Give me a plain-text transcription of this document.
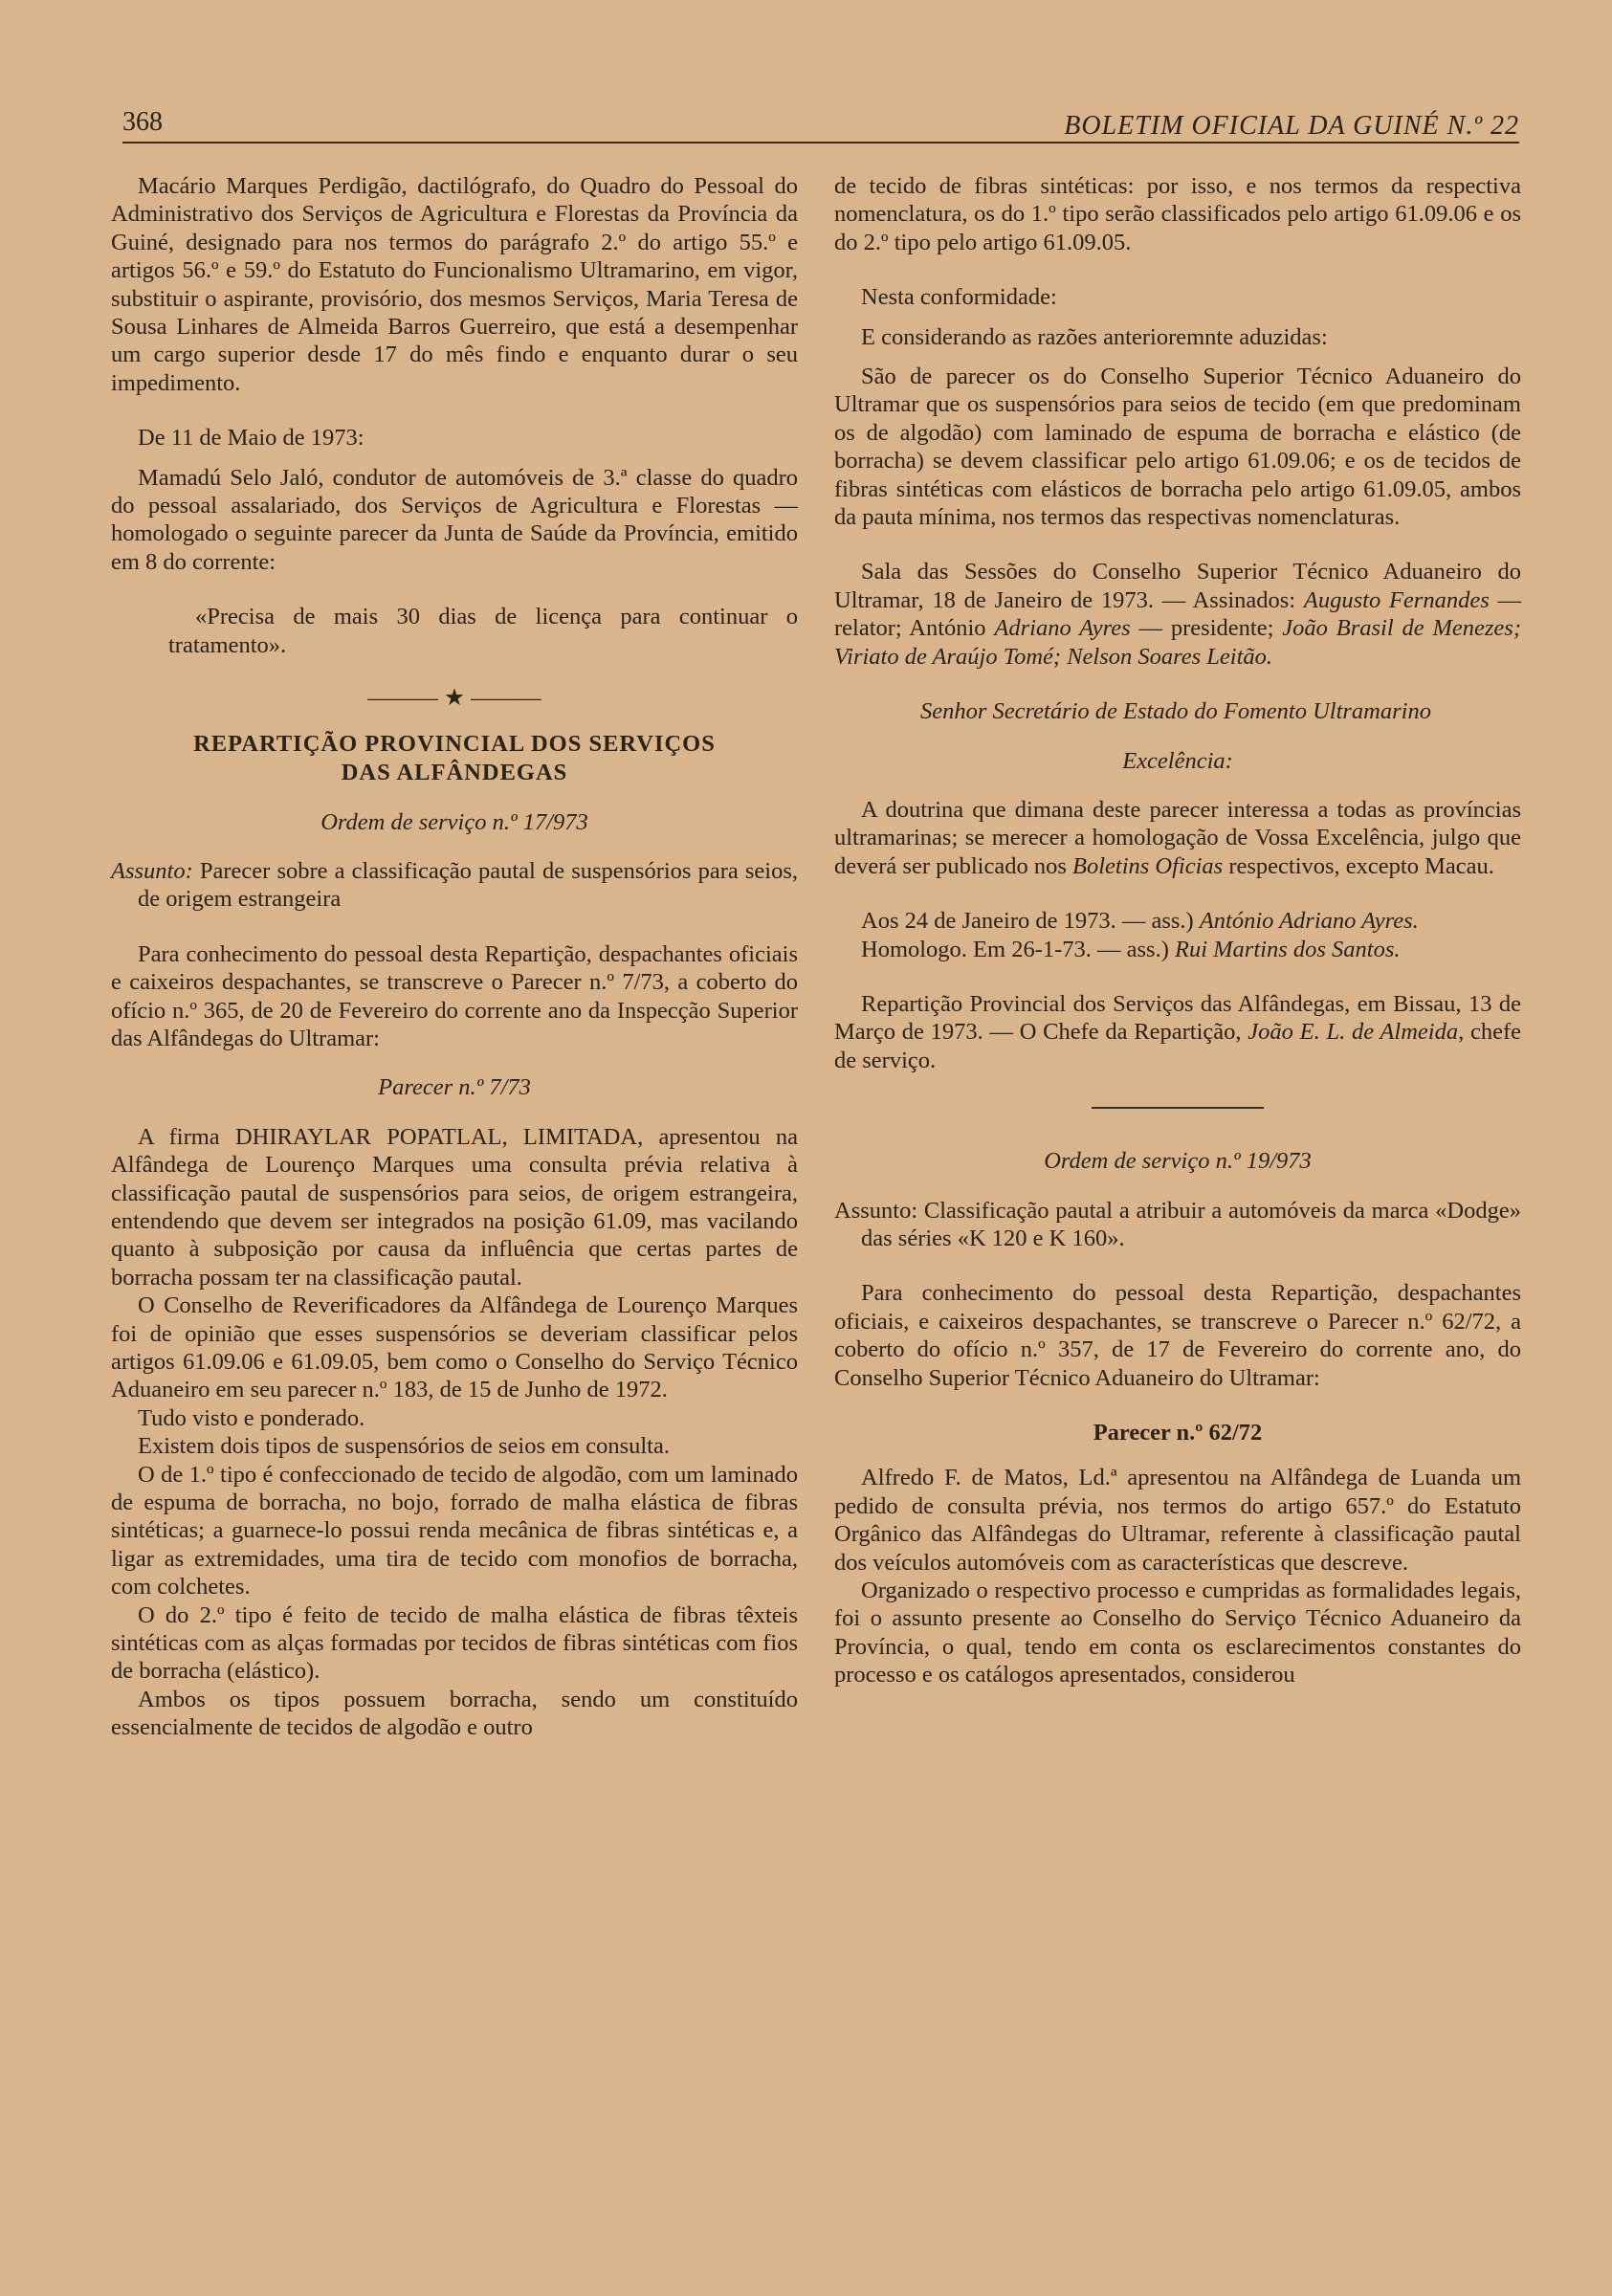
368	BOLETIM OFICIAL DA GUINÉ N.º 22

Macário Marques Perdigão, dactilógrafo, do Quadro do Pessoal do Administrativo dos Serviços de Agricultura e Florestas da Província da Guiné, designado para nos termos do parágrafo 2.º do artigo 55.º e artigos 56.º e 59.º do Estatuto do Funcionalismo Ultramarino, em vigor, substituir o aspirante, provisório, dos mesmos Serviços, Maria Teresa de Sousa Linhares de Almeida Barros Guerreiro, que está a desempenhar um cargo superior desde 17 do mês findo e enquanto durar o seu impedimento.

De 11 de Maio de 1973:

Mamadú Selo Jaló, condutor de automóveis de 3.ª classe do quadro do pessoal assalariado, dos Serviços de Agricultura e Florestas — homologado o seguinte parecer da Junta de Saúde da Província, emitido em 8 do corrente:

«Precisa de mais 30 dias de licença para continuar o tratamento».

——— ★ ———

REPARTIÇÃO PROVINCIAL DOS SERVIÇOS

DAS ALFÂNDEGAS

Ordem de serviço n.º 17/973

Assunto: Parecer sobre a classificação pautal de suspensórios para seios, de origem estrangeira

Para conhecimento do pessoal desta Repartição, despachantes oficiais e caixeiros despachantes, se transcreve o Parecer n.º 7/73, a coberto do ofício n.º 365, de 20 de Fevereiro do corrente ano da Inspecção Superior das Alfândegas do Ultramar:

Parecer n.º 7/73

A firma DHIRAYLAR POPATLAL, LIMITADA, apresentou na Alfândega de Lourenço Marques uma consulta prévia relativa à classificação pautal de suspensórios para seios, de origem estrangeira, entendendo que devem ser integrados na posição 61.09, mas vacilando quanto à subposição por causa da influência que certas partes de borracha possam ter na classificação pautal.

O Conselho de Reverificadores da Alfândega de Lourenço Marques foi de opinião que esses suspensórios se deveriam classificar pelos artigos 61.09.06 e 61.09.05, bem como o Conselho do Serviço Técnico Aduaneiro em seu parecer n.º 183, de 15 de Junho de 1972.

Tudo visto e ponderado.

Existem dois tipos de suspensórios de seios em consulta.

O de 1.º tipo é confeccionado de tecido de algodão, com um laminado de espuma de borracha, no bojo, forrado de malha elástica de fibras sintéticas; a guarnece-lo possui renda mecânica de fibras sintéticas e, a ligar as extremidades, uma tira de tecido com monofios de borracha, com colchetes.

O do 2.º tipo é feito de tecido de malha elástica de fibras têxteis sintéticas com as alças formadas por tecidos de fibras sintéticas com fios de borracha (elástico).

Ambos os tipos possuem borracha, sendo um constituído essencialmente de tecidos de algodão e outro

de tecido de fibras sintéticas: por isso, e nos termos da respectiva nomenclatura, os do 1.º tipo serão classificados pelo artigo 61.09.06 e os do 2.º tipo pelo artigo 61.09.05.

Nesta conformidade:

E considerando as razões anterioremnte aduzidas:

São de parecer os do Conselho Superior Técnico Aduaneiro do Ultramar que os suspensórios para seios de tecido (em que predominam os de algodão) com laminado de espuma de borracha e elástico (de borracha) se devem classificar pelo artigo 61.09.06; e os de tecidos de fibras sintéticas com elásticos de borracha pelo artigo 61.09.05, ambos da pauta mínima, nos termos das respectivas nomenclaturas.

Sala das Sessões do Conselho Superior Técnico Aduaneiro do Ultramar, 18 de Janeiro de 1973. — Assinados: Augusto Fernandes — relator; António Adriano Ayres — presidente; João Brasil de Menezes; Viriato de Araújo Tomé; Nelson Soares Leitão.

Senhor Secretário de Estado do Fomento Ultramarino

Excelência:

A doutrina que dimana deste parecer interessa a todas as províncias ultramarinas; se merecer a homologação de Vossa Excelência, julgo que deverá ser publicado nos Boletins Oficias respectivos, excepto Macau.

Aos 24 de Janeiro de 1973. — ass.) António Adriano Ayres.

Homologo. Em 26-1-73. — ass.) Rui Martins dos Santos.

Repartição Provincial dos Serviços das Alfândegas, em Bissau, 13 de Março de 1973. — O Chefe da Repartição, João E. L. de Almeida, chefe de serviço.

Ordem de serviço n.º 19/973

Assunto: Classificação pautal a atribuir a automóveis da marca «Dodge» das séries «K 120 e K 160».

Para conhecimento do pessoal desta Repartição, despachantes oficiais, e caixeiros despachantes, se transcreve o Parecer n.º 62/72, a coberto do ofício n.º 357, de 17 de Fevereiro do corrente ano, do Conselho Superior Técnico Aduaneiro do Ultramar:

Parecer n.º 62/72

Alfredo F. de Matos, Ld.ª apresentou na Alfândega de Luanda um pedido de consulta prévia, nos termos do artigo 657.º do Estatuto Orgânico das Alfândegas do Ultramar, referente à classificação pautal dos veículos automóveis com as características que descreve.

Organizado o respectivo processo e cumpridas as formalidades legais, foi o assunto presente ao Conselho do Serviço Técnico Aduaneiro da Província, o qual, tendo em conta os esclarecimentos constantes do processo e os catálogos apresentados, considerou
